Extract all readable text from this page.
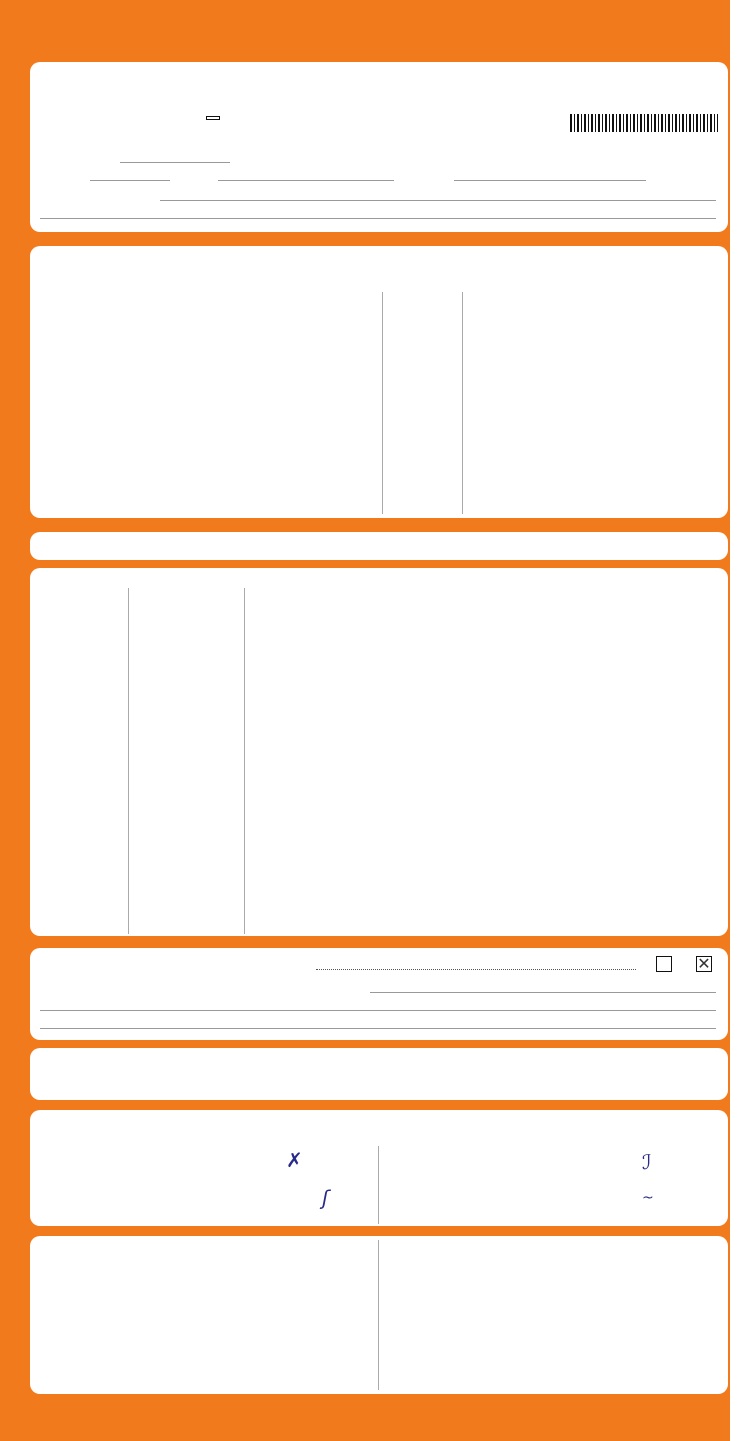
✕
✗	ℐ
ʃ	~
